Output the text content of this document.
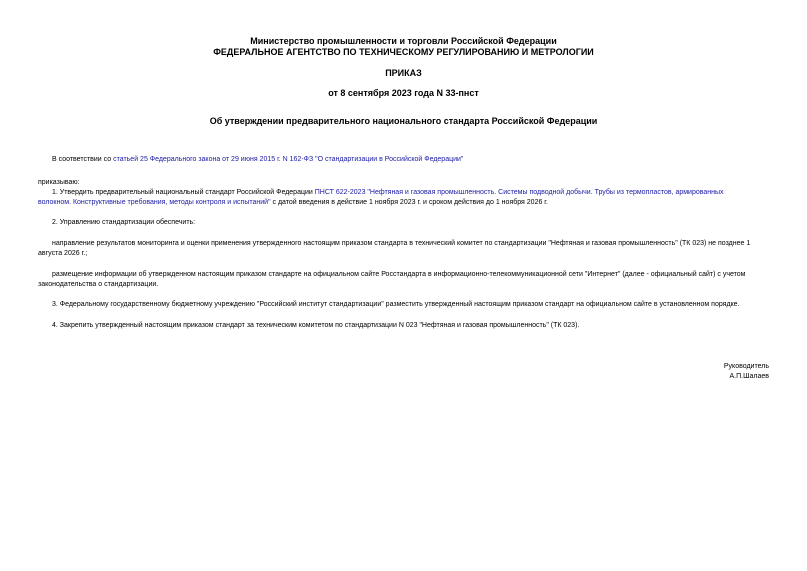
Министерство промышленности и торговли Российской Федерации
ФЕДЕРАЛЬНОЕ АГЕНТСТВО ПО ТЕХНИЧЕСКОМУ РЕГУЛИРОВАНИЮ И МЕТРОЛОГИИ
ПРИКАЗ
от 8 сентября 2023 года N 33-пнст
Об утверждении предварительного национального стандарта Российской Федерации
В соответствии со статьей 25 Федерального закона от 29 июня 2015 г. N 162-ФЗ "О стандартизации в Российской Федерации"
приказываю:
1. Утвердить предварительный национальный стандарт Российской Федерации ПНСТ 622-2023 "Нефтяная и газовая промышленность. Системы подводной добычи. Трубы из термопластов, армированных
волокном. Конструктивные требования, методы контроля и испытаний" с датой введения в действие 1 ноября 2023 г. и сроком действия до 1 ноября 2026 г.
2. Управлению стандартизации обеспечить:
направление результатов мониторинга и оценки применения утвержденного настоящим приказом стандарта в технический комитет по стандартизации "Нефтяная и газовая промышленность" (ТК 023) не позднее 1
августа 2026 г.;
размещение информации об утвержденном настоящим приказом стандарте на официальном сайте Росстандарта в информационно-телекоммуникационной сети "Интернет" (далее - официальный сайт) с учетом
законодательства о стандартизации.
3. Федеральному государственному бюджетному учреждению "Российский институт стандартизации" разместить утвержденный настоящим приказом стандарт на официальном сайте в установленном порядке.
4. Закрепить утвержденный настоящим приказом стандарт за техническим комитетом по стандартизации N 023 "Нефтяная и газовая промышленность" (ТК 023).
Руководитель
А.П.Шалаев
